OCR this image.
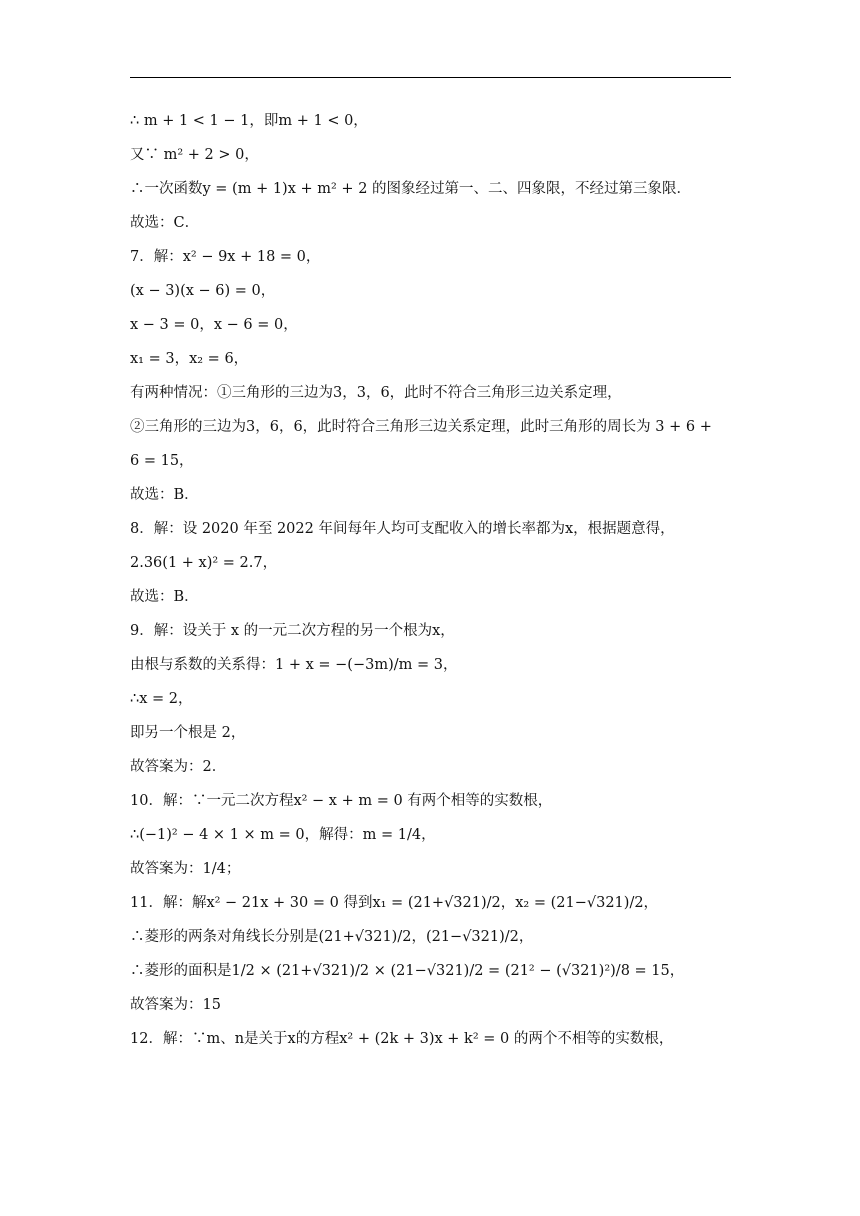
∴ m + 1 < 1 − 1，即m + 1 < 0，
又∵ m² + 2 > 0，
∴一次函数y = (m + 1)x + m² + 2 的图象经过第一、二、四象限，不经过第三象限．
故选：C．
7．解：x² − 9x + 18 = 0，
(x − 3)(x − 6) = 0，
x − 3 = 0，x − 6 = 0，
x₁ = 3，x₂ = 6，
有两种情况：①三角形的三边为3，3，6，此时不符合三角形三边关系定理，
②三角形的三边为3，6，6，此时符合三角形三边关系定理，此时三角形的周长为 3 + 6 +
6 = 15，
故选：B．
8．解：设 2020 年至 2022 年间每年人均可支配收入的增长率都为x，根据题意得，
2.36(1 + x)² = 2.7，
故选：B．
9．解：设关于 x 的一元二次方程的另一个根为x，
由根与系数的关系得：1 + x = −(−3m)/m = 3，
∴x = 2，
即另一个根是 2，
故答案为：2．
10．解：∵一元二次方程x² − x + m = 0 有两个相等的实数根，
∴(−1)² − 4 × 1 × m = 0，解得：m = 1/4，
故答案为：1/4；
11．解：解x² − 21x + 30 = 0 得到x₁ = (21+√321)/2，x₂ = (21−√321)/2，
∴菱形的两条对角线长分别是(21+√321)/2，(21−√321)/2，
∴菱形的面积是1/2 × (21+√321)/2 × (21−√321)/2 = (21² − (√321)²)/8 = 15，
故答案为：15
12．解：∵m、n是关于x的方程x² + (2k + 3)x + k² = 0 的两个不相等的实数根，
